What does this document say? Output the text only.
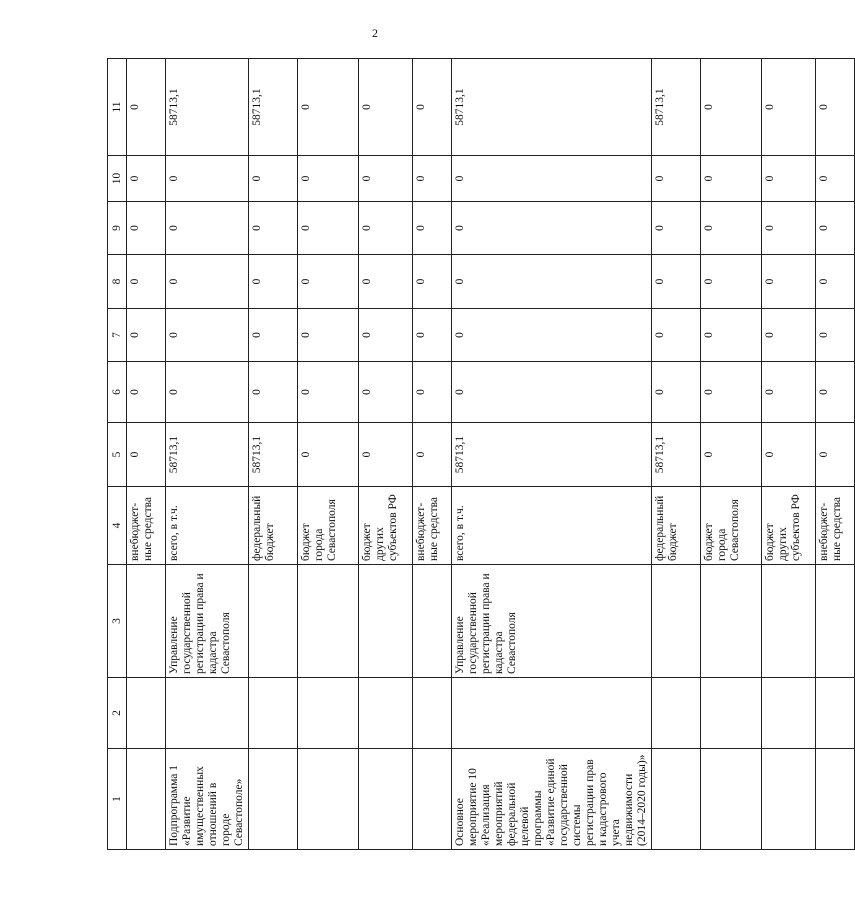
2
1	2	3	4	5	6	7	8	9	10	11
			внебюджет-ные средства	0	0	0	0	0	0	0
Подпрограмма 1 «Развитие имущественных отношений в городе Севастополе»		Управление государственной регистрации права и кадастра Севастополя	всего, в т.ч.	58713,1	0	0	0	0	0	58713,1
			федеральный бюджет	58713,1	0	0	0	0	0	58713,1
			бюджет города Севастополя	0	0	0	0	0	0	0
			бюджет других субъектов РФ	0	0	0	0	0	0	0
			внебюджет-ные средства	0	0	0	0	0	0	0
Основное мероприятие 10 «Реализация мероприятий федеральной целевой программы «Развитие единой государственной системы регистрации прав и кадастрового учета недвижимости (2014–2020 годы)»		Управление государственной регистрации права и кадастра Севастополя	всего, в т.ч.	58713,1	0	0	0	0	0	58713,1
			федеральный бюджет	58713,1	0	0	0	0	0	58713,1
			бюджет города Севастополя	0	0	0	0	0	0	0
			бюджет других субъектов РФ	0	0	0	0	0	0	0
			внебюджет-ные средства	0	0	0	0	0	0	0
